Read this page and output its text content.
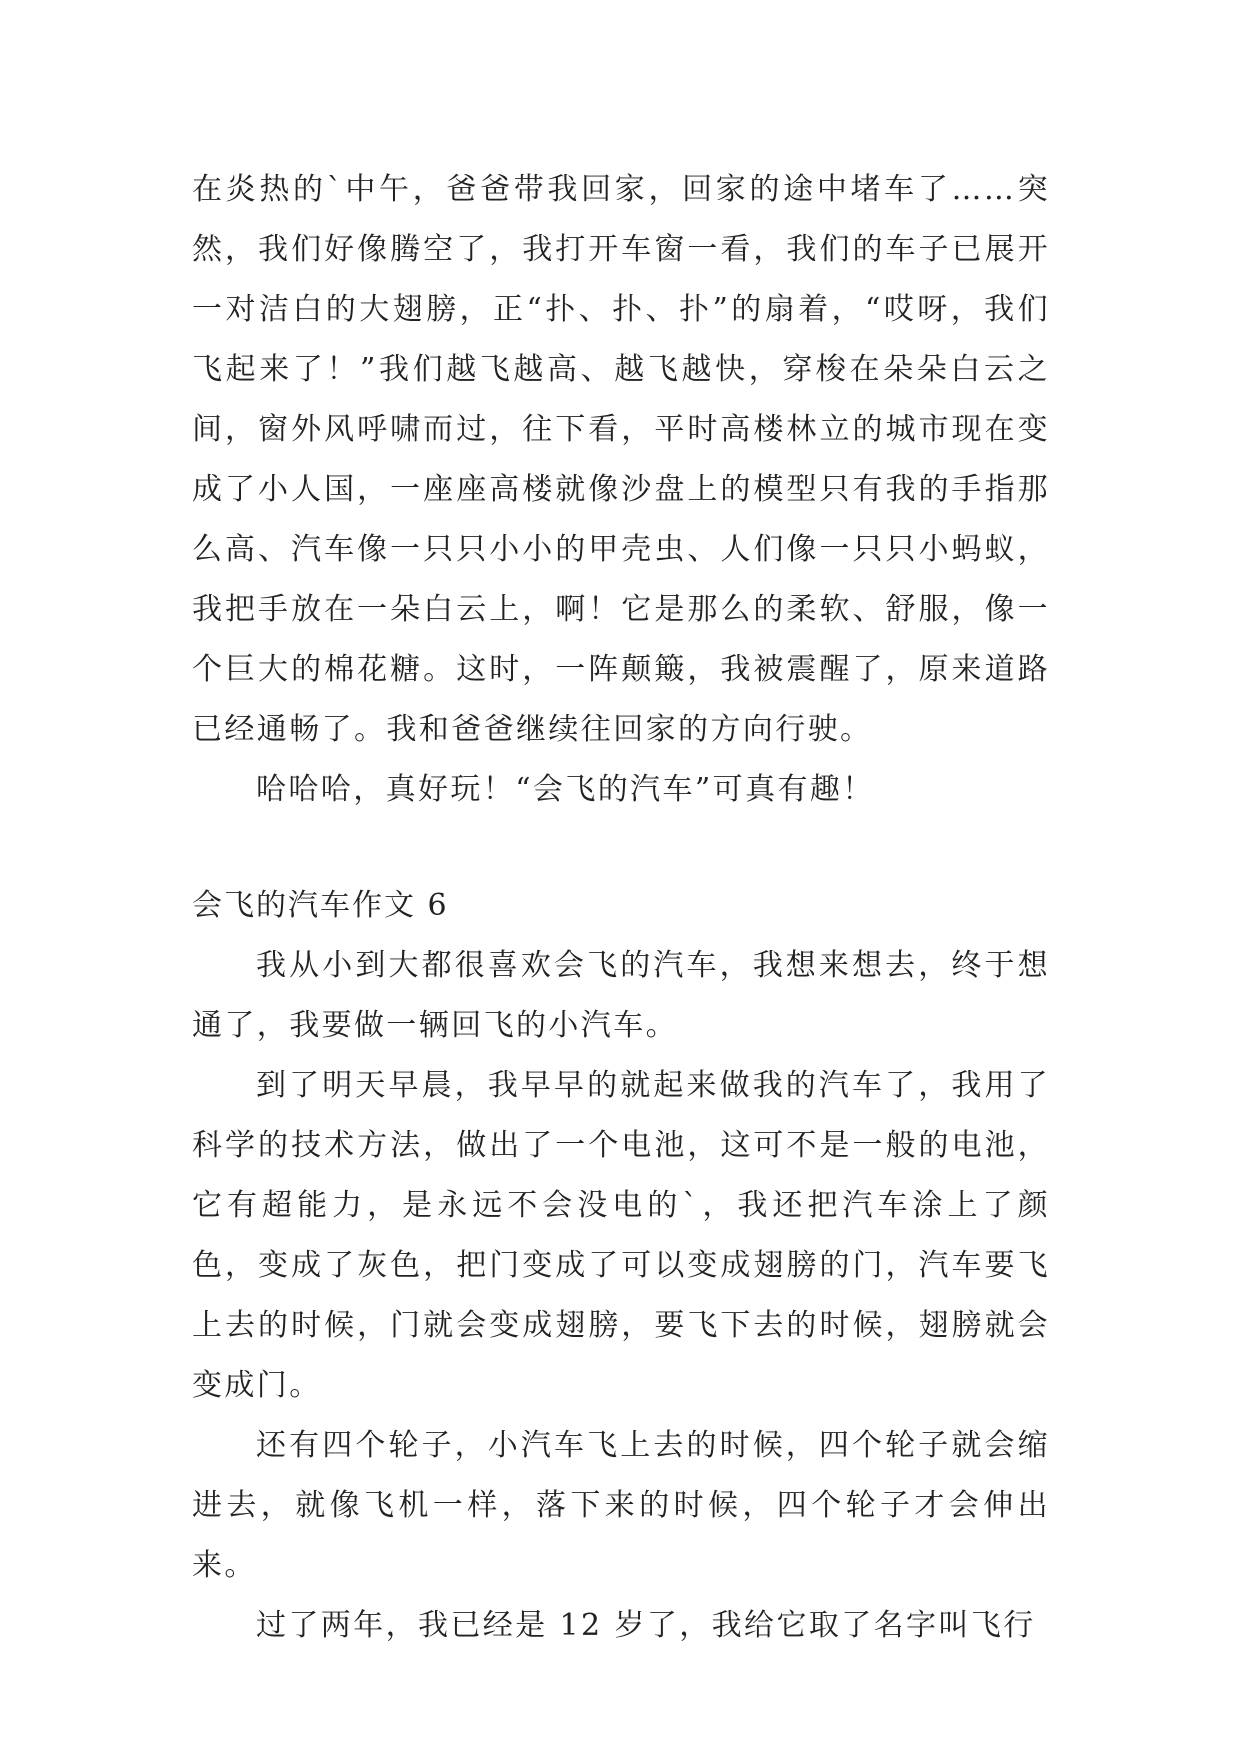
在炎热的`中午，爸爸带我回家，回家的途中堵车了……突然，我们好像腾空了，我打开车窗一看，我们的车子已展开一对洁白的大翅膀，正“扑、扑、扑”的扇着，“哎呀，我们飞起来了！”我们越飞越高、越飞越快，穿梭在朵朵白云之间，窗外风呼啸而过，往下看，平时高楼林立的城市现在变成了小人国，一座座高楼就像沙盘上的模型只有我的手指那么高、汽车像一只只小小的甲壳虫、人们像一只只小蚂蚁，我把手放在一朵白云上，啊！它是那么的柔软、舒服，像一个巨大的棉花糖。这时，一阵颠簸，我被震醒了，原来道路已经通畅了。我和爸爸继续往回家的方向行驶。

哈哈哈，真好玩！“会飞的汽车”可真有趣！

会飞的汽车作文 6

我从小到大都很喜欢会飞的汽车，我想来想去，终于想通了，我要做一辆回飞的小汽车。

到了明天早晨，我早早的就起来做我的汽车了，我用了科学的技术方法，做出了一个电池，这可不是一般的电池，它有超能力，是永远不会没电的`，我还把汽车涂上了颜色，变成了灰色，把门变成了可以变成翅膀的门，汽车要飞上去的时候，门就会变成翅膀，要飞下去的时候，翅膀就会变成门。

还有四个轮子，小汽车飞上去的时候，四个轮子就会缩进去，就像飞机一样，落下来的时候，四个轮子才会伸出来。

过了两年，我已经是 12 岁了，我给它取了名字叫飞行
